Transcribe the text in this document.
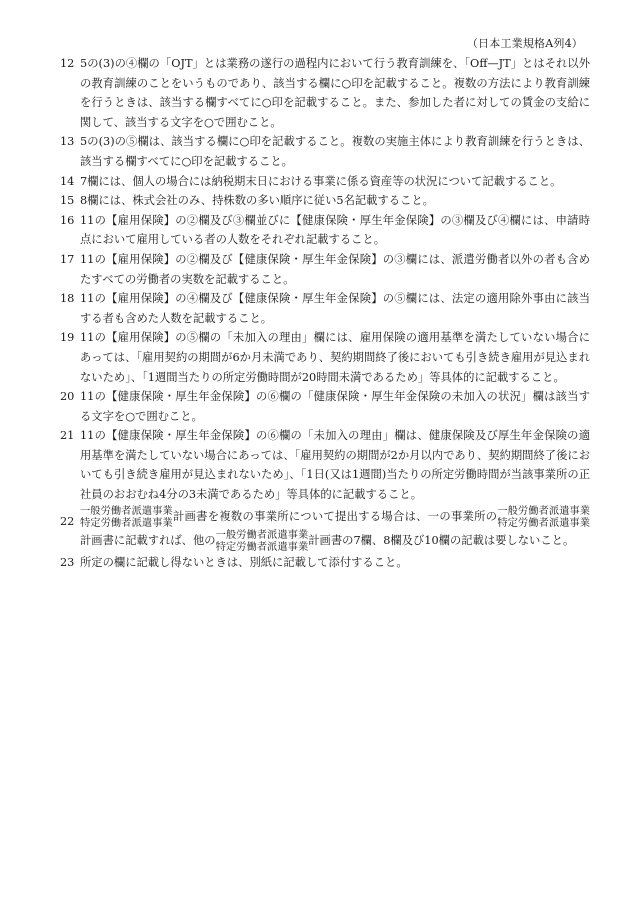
（日本工業規格A列4）

12 5の(3)の④欄の「OJT」とは業務の遂行の過程内において行う教育訓練を、「Off—JT」とはそれ以外の教育訓練のことをいうものであり、該当する欄に○印を記載すること。複数の方法により教育訓練を行うときは、該当する欄すべてに○印を記載すること。また、参加した者に対しての賃金の支給に関して、該当する文字を○で囲むこと。

13 5の(3)の⑤欄は、該当する欄に○印を記載すること。複数の実施主体により教育訓練を行うときは、該当する欄すべてに○印を記載すること。

14 7欄には、個人の場合には納税期末日における事業に係る資産等の状況について記載すること。

15 8欄には、株式会社のみ、持株数の多い順序に従い5名記載すること。

16 11の【雇用保険】の②欄及び③欄並びに【健康保険・厚生年金保険】の③欄及び④欄には、申請時点において雇用している者の人数をそれぞれ記載すること。

17 11の【雇用保険】の②欄及び【健康保険・厚生年金保険】の③欄には、派遣労働者以外の者も含めたすべての労働者の実数を記載すること。

18 11の【雇用保険】の④欄及び【健康保険・厚生年金保険】の⑤欄には、法定の適用除外事由に該当する者も含めた人数を記載すること。

19 11の【雇用保険】の⑤欄の「未加入の理由」欄には、雇用保険の適用基準を満たしていない場合にあっては、「雇用契約の期間が6か月未満であり、契約期間終了後においても引き続き雇用が見込まれないため」、「1週間当たりの所定労働時間が20時間未満であるため」等具体的に記載すること。

20 11の【健康保険・厚生年金保険】の⑥欄の「健康保険・厚生年金保険の未加入の状況」欄は該当する文字を○で囲むこと。

21 11の【健康保険・厚生年金保険】の⑥欄の「未加入の理由」欄は、健康保険及び厚生年金保険の適用基準を満たしていない場合にあっては、「雇用契約の期間が2か月以内であり、契約期間終了後においても引き続き雇用が見込まれないため」、「1日(又は1週間)当たりの所定労働時間が当該事業所の正社員のおおむね4分の3未満であるため」等具体的に記載すること。

22
一般労働者派遣事業
特定労働者派遣事業 計画書を複数の事業所について提出する場合は、一の事業所の 一般労働者
特定労働者
派遣事業
派遣事業
計画書に記載すれば、他の 一般労働者派遣事業
特定労働者派遣事業 計画書の7欄、8欄及び10欄の記載は要しないこと。

23 所定の欄に記載し得ないときは、別紙に記載して添付すること。
